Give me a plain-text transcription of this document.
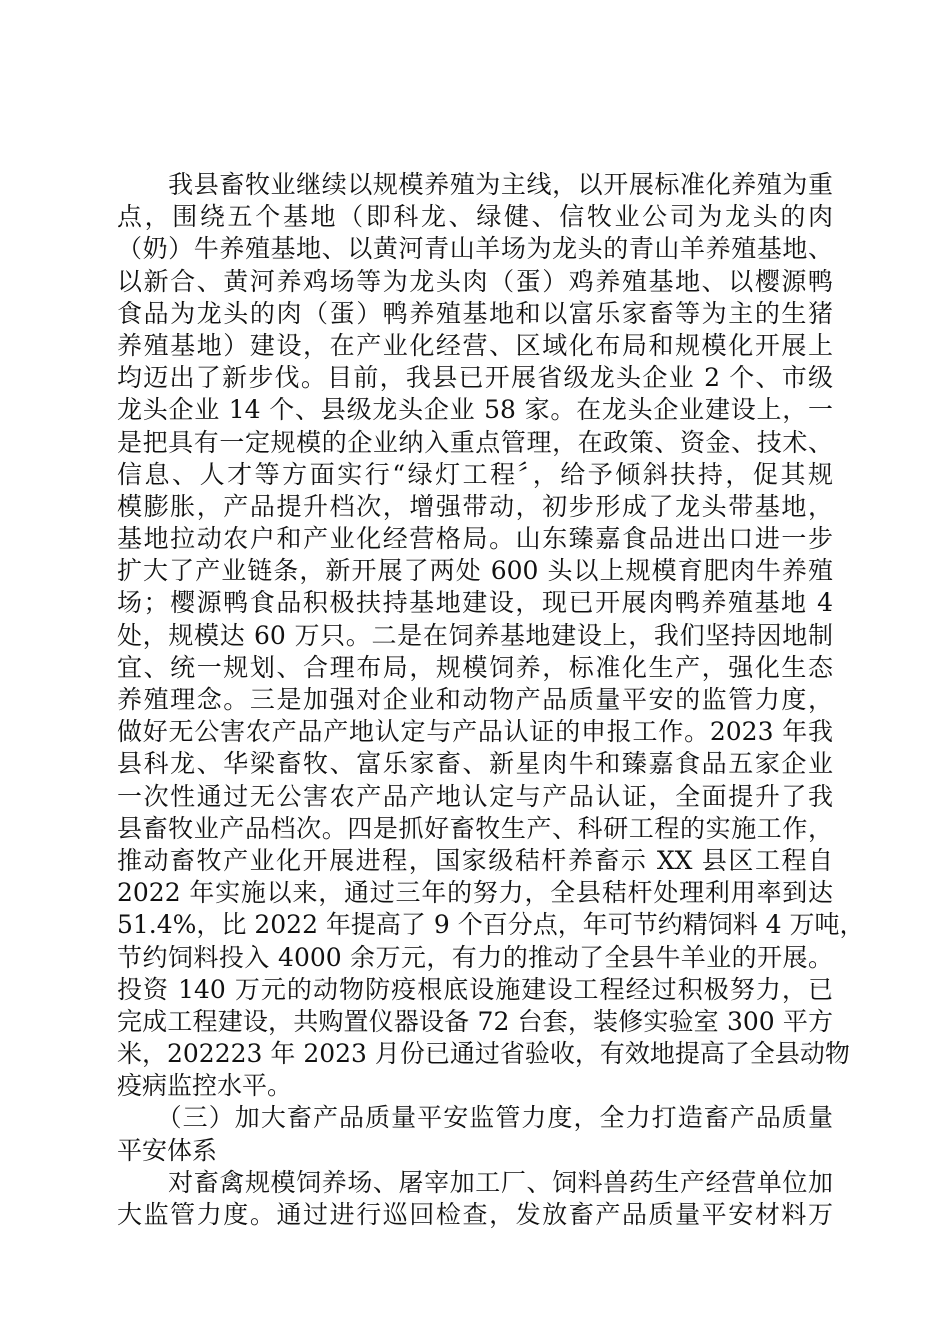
　　我县畜牧业继续以规模养殖为主线，以开展标准化养殖为重
点，围绕五个基地（即科龙、绿健、信牧业公司为龙头的肉
（奶）牛养殖基地、以黄河青山羊场为龙头的青山羊养殖基地、
以新合、黄河养鸡场等为龙头肉（蛋）鸡养殖基地、以樱源鸭
食品为龙头的肉（蛋）鸭养殖基地和以富乐家畜等为主的生猪
养殖基地）建设，在产业化经营、区域化布局和规模化开展上
均迈出了新步伐。目前，我县已开展省级龙头企业 2 个、市级
龙头企业 14 个、县级龙头企业 58 家。在龙头企业建设上，一
是把具有一定规模的企业纳入重点管理，在政策、资金、技术、
信息、人才等方面实行“绿灯工程〞，给予倾斜扶持，促其规
模膨胀，产品提升档次，增强带动，初步形成了龙头带基地，
基地拉动农户和产业化经营格局。山东臻嘉食品进出口进一步
扩大了产业链条，新开展了两处 600 头以上规模育肥肉牛养殖
场；樱源鸭食品积极扶持基地建设，现已开展肉鸭养殖基地 4
处，规模达 60 万只。二是在饲养基地建设上，我们坚持因地制
宜、统一规划、合理布局，规模饲养，标准化生产，强化生态
养殖理念。三是加强对企业和动物产品质量平安的监管力度，
做好无公害农产品产地认定与产品认证的申报工作。2023 年我
县科龙、华梁畜牧、富乐家畜、新星肉牛和臻嘉食品五家企业
一次性通过无公害农产品产地认定与产品认证，全面提升了我
县畜牧业产品档次。四是抓好畜牧生产、科研工程的实施工作，
推动畜牧产业化开展进程，国家级秸杆养畜示 XX 县区工程自
2022 年实施以来，通过三年的努力，全县秸杆处理利用率到达
51.4%，比 2022 年提高了 9 个百分点，年可节约精饲料 4 万吨，
节约饲料投入 4000 余万元，有力的推动了全县牛羊业的开展。
投资 140 万元的动物防疫根底设施建设工程经过积极努力，已
完成工程建设，共购置仪器设备 72 台套，装修实验室 300 平方
米，202223 年 2023 月份已通过省验收，有效地提高了全县动物
疫病监控水平。
　　（三）加大畜产品质量平安监管力度，全力打造畜产品质量
平安体系
　　对畜禽规模饲养场、屠宰加工厂、饲料兽药生产经营单位加
大监管力度。通过进行巡回检查，发放畜产品质量平安材料万
